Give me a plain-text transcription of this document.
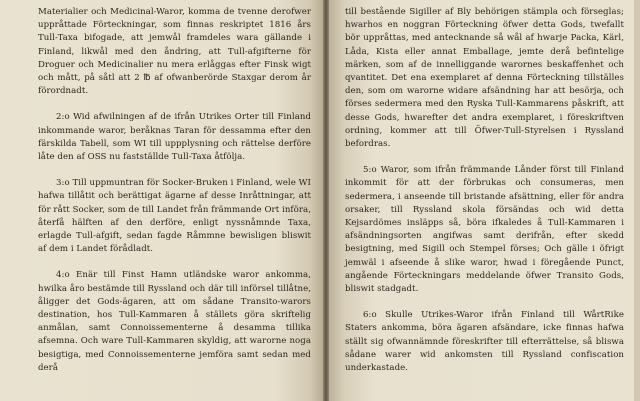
Materialier och Medicinal-Waror, komma de tvenne derofwer uppråttade Förteckningar, som finnas reskriptet 1816 års Tull-Taxa bifogade, att jemwål framdeles wara gällande i Finland, likwål med den åndring, att Tull-afgifterne för Droguer och Medicinalier nu mera erlåggas efter Finsk wigt och mått, på såtl att 2 ℔ af ofwanberörde Staxgar derom år förordnadt.

2:o Wid afwilningen af de ifrån Utrikes Orter till Finland inkommande waror, beråknas Taran för dessamma efter den färskilda Tabell, som WI till uppplysning och rättelse derföre låte den af OSS nu fastställde Tull-Taxa åtfölja.

3:o Till uppmuntran för Socker-Bruken i Finland, wele WI hafwa tillåtit och berättigat ägarne af desse Inråttningar, att för rått Socker, som de till Landet från främmande Ort införa, återfå hälften af den derföre, enligt nyssnåmnde Taxa, erlagde Tull-afgift, sedan fagde Råmmne bewisligen bliswit af dem i Landet förådladt.

4:o Enär till Finst Hamn utländske waror ankomma, hwilka åro bestämde till Ryssland och där till införsel tillåtne, åligger det Gods-ägaren, att om sådane Transito-warors destination, hos Tull-Kammaren å ställets göra skriftelig anmålan, samt Connoissementerne å desamma tillika afsemna. Och ware Tull-Kammaren skyldig, att warorne noga besigtiga, med Connoissementerne jemföra samt sedan med derå

till bestående Sigiller af Bly behörigen stämpla och förseglas; hwarhos en noggran Förteckning öfwer detta Gods, twefallt bör uppråttas, med antecknande så wål af hwarje Packa, Kärl, Låda, Kista eller annat Emballage, jemte derå befintelige märken, som af de innelliggande warornes beskaffenhet och qvantitet. Det ena exemplaret af denna Förteckning tillställes den, som om warorne widare afsändning har att besörja, och förses sedermera med den Ryska Tull-Kammarens påskrift, att desse Gods, hwarefter det andra exemplaret, i föreskriftven ordning, kommer att till Öfwer-Tull-Styrelsen i Ryssland befordras.

5:o Waror, som ifrån främmande Lånder först till Finland inkommit för att der förbrukas och consumeras, men sedermera, i anseende till bristande afsättning, eller för andra orsaker, till Ryssland skola försändas och wid detta Kejsardömes insläpps så, böra ifkaledes å Tull-Kammaren i afsändningsorten angifwas samt derifrån, efter skedd besigtning, med Sigill och Stempel förses; Och gälle i öfrigt jemwäl i afseende å slike waror, hwad i föregående Punct, angående Förteckningars meddelande öfwer Transito Gods, bliswit stadgadt.

6:o Skulle Utrikes-Waror ifrån Finland till WårtRike Staters ankomma, böra ägaren afsändare, icke finnas hafwa ställt sig ofwannämnde föreskrifter till efterrättelse, så bliswa sådane warer wid ankomsten till Ryssland confiscation underkastade.
